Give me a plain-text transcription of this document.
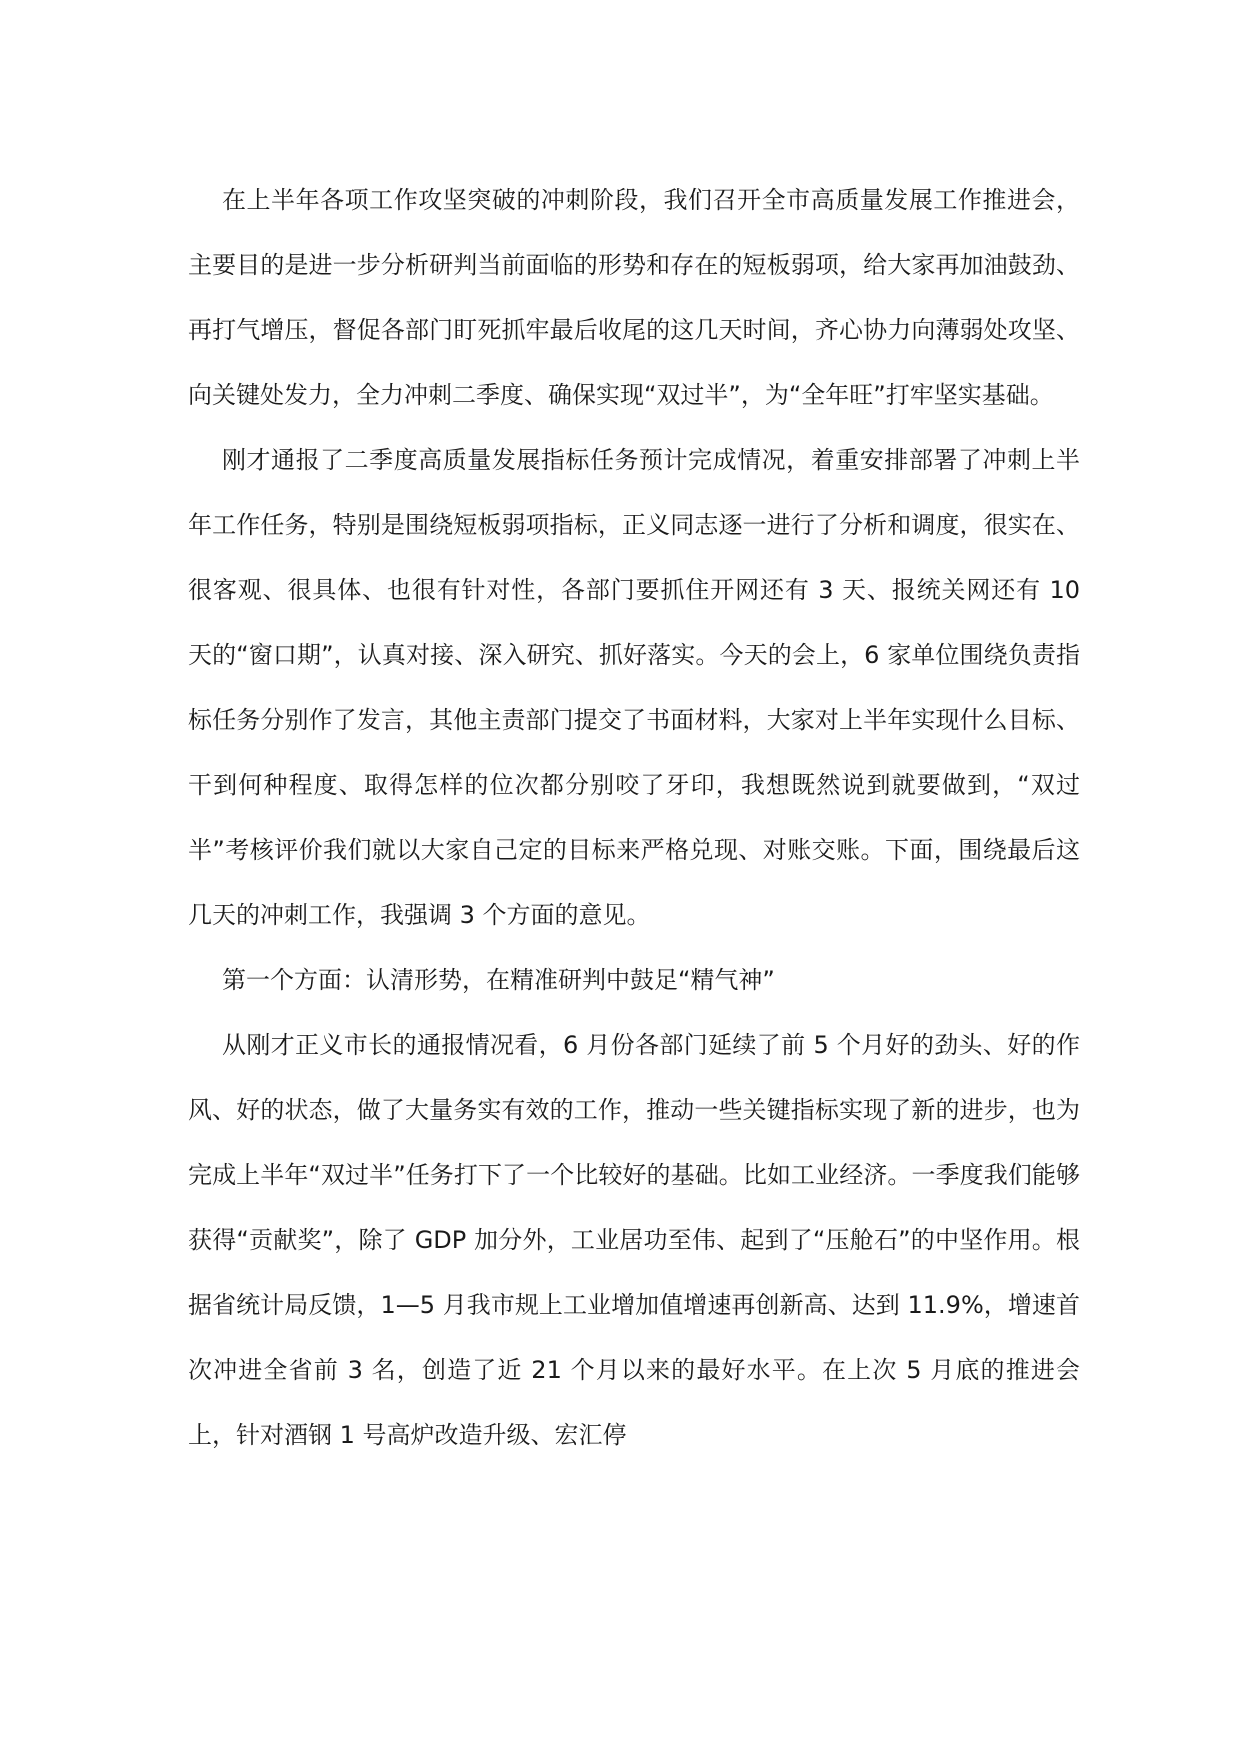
在上半年各项工作攻坚突破的冲刺阶段，我们召开全市高质量发展工作推进会，主要目的是进一步分析研判当前面临的形势和存在的短板弱项，给大家再加油鼓劲、再打气增压，督促各部门盯死抓牢最后收尾的这几天时间，齐心协力向薄弱处攻坚、向关键处发力，全力冲刺二季度、确保实现“双过半”，为“全年旺”打牢坚实基础。

刚才通报了二季度高质量发展指标任务预计完成情况，着重安排部署了冲刺上半年工作任务，特别是围绕短板弱项指标，正义同志逐一进行了分析和调度，很实在、很客观、很具体、也很有针对性，各部门要抓住开网还有 3 天、报统关网还有 10 天的“窗口期”，认真对接、深入研究、抓好落实。今天的会上，6 家单位围绕负责指标任务分别作了发言，其他主责部门提交了书面材料，大家对上半年实现什么目标、干到何种程度、取得怎样的位次都分别咬了牙印，我想既然说到就要做到，“双过半”考核评价我们就以大家自己定的目标来严格兑现、对账交账。下面，围绕最后这几天的冲刺工作，我强调 3 个方面的意见。

第一个方面：认清形势，在精准研判中鼓足“精气神”

从刚才正义市长的通报情况看，6 月份各部门延续了前 5 个月好的劲头、好的作风、好的状态，做了大量务实有效的工作，推动一些关键指标实现了新的进步，也为完成上半年“双过半”任务打下了一个比较好的基础。比如工业经济。一季度我们能够获得“贡献奖”，除了 GDP 加分外，工业居功至伟、起到了“压舱石”的中坚作用。根据省统计局反馈，1—5 月我市规上工业增加值增速再创新高、达到 11.9%，增速首次冲进全省前 3 名，创造了近 21 个月以来的最好水平。在上次 5 月底的推进会上，针对酒钢 1 号高炉改造升级、宏汇停
